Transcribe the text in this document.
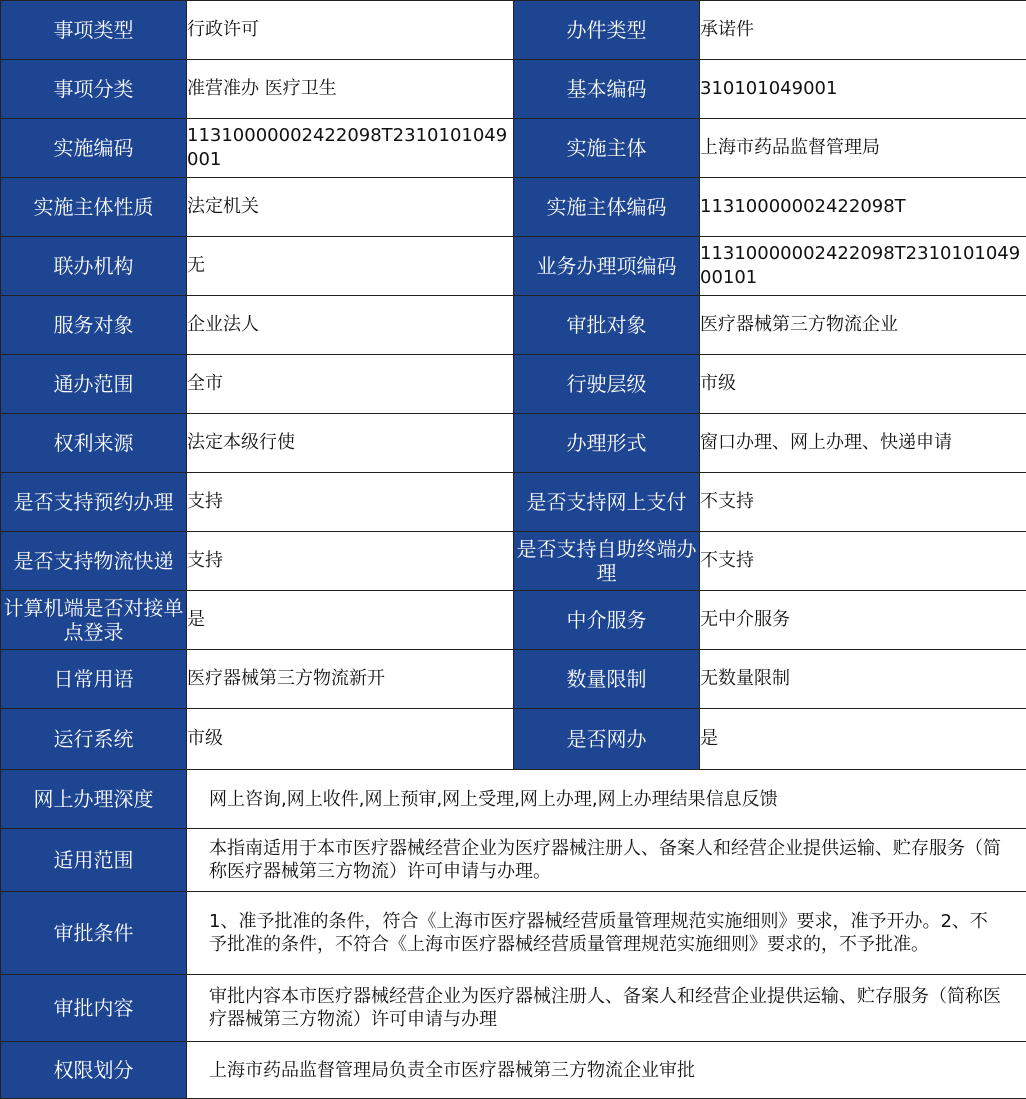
事项类型	行政许可	办件类型	承诺件
事项分类	准营准办 医疗卫生	基本编码	310101049001
实施编码	11310000002422098T2310101049001	实施主体	上海市药品监督管理局
实施主体性质	法定机关	实施主体编码	11310000002422098T
联办机构	无	业务办理项编码	11310000002422098T231010104900101
服务对象	企业法人	审批对象	医疗器械第三方物流企业
通办范围	全市	行驶层级	市级
权利来源	法定本级行使	办理形式	窗口办理、网上办理、快递申请
是否支持预约办理	支持	是否支持网上支付	不支持
是否支持物流快递	支持	是否支持自助终端办理	不支持
计算机端是否对接单点登录	是	中介服务	无中介服务
日常用语	医疗器械第三方物流新开	数量限制	无数量限制
运行系统	市级	是否网办	是
网上办理深度	网上咨询,网上收件,网上预审,网上受理,网上办理,网上办理结果信息反馈		
适用范围	本指南适用于本市医疗器械经营企业为医疗器械注册人、备案人和经营企业提供运输、贮存服务（简称医疗器械第三方物流）许可申请与办理。		
审批条件	1、准予批准的条件，符合《上海市医疗器械经营质量管理规范实施细则》要求，准予开办。2、不予批准的条件，不符合《上海市医疗器械经营质量管理规范实施细则》要求的，不予批准。		
审批内容	审批内容本市医疗器械经营企业为医疗器械注册人、备案人和经营企业提供运输、贮存服务（简称医疗器械第三方物流）许可申请与办理		
权限划分	上海市药品监督管理局负责全市医疗器械第三方物流企业审批		
